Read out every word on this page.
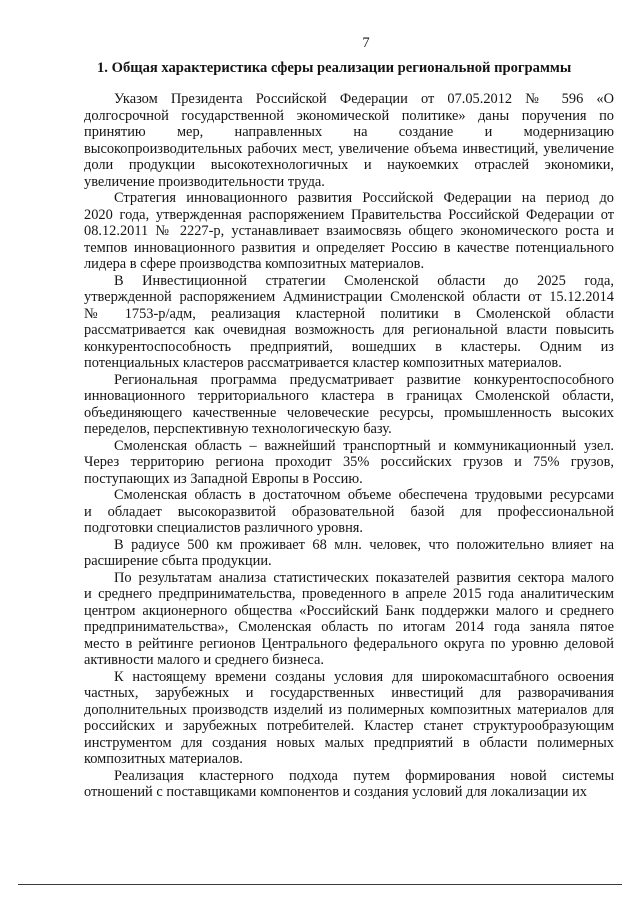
7
1. Общая характеристика сферы реализации региональной программы

Указом Президента Российской Федерации от 07.05.2012 № 596 «О
долгосрочной государственной экономической политике» даны поручения по
принятию мер, направленных на создание и модернизацию
высокопроизводительных рабочих мест, увеличение объема инвестиций, увеличение
доли продукции высокотехнологичных и наукоемких отраслей экономики,
увеличение производительности труда.

Стратегия инновационного развития Российской Федерации на период до
2020 года, утвержденная распоряжением Правительства Российской Федерации от
08.12.2011 № 2227-р, устанавливает взаимосвязь общего экономического роста и
темпов инновационного развития и определяет Россию в качестве потенциального
лидера в сфере производства композитных материалов.

В Инвестиционной стратегии Смоленской области до 2025 года,
утвержденной распоряжением Администрации Смоленской области от 15.12.2014
№ 1753-р/адм, реализация кластерной политики в Смоленской области
рассматривается как очевидная возможность для региональной власти повысить
конкурентоспособность предприятий, вошедших в кластеры. Одним из
потенциальных кластеров рассматривается кластер композитных материалов.

Региональная программа предусматривает развитие конкурентоспособного
инновационного территориального кластера в границах Смоленской области,
объединяющего качественные человеческие ресурсы, промышленность высоких
переделов, перспективную технологическую базу.

Смоленская область – важнейший транспортный и коммуникационный узел.
Через территорию региона проходит 35% российских грузов и 75% грузов,
поступающих из Западной Европы в Россию.

Смоленская область в достаточном объеме обеспечена трудовыми ресурсами
и обладает высокоразвитой образовательной базой для профессиональной
подготовки специалистов различного уровня.

В радиусе 500 км проживает 68 млн. человек, что положительно влияет на
расширение сбыта продукции.

По результатам анализа статистических показателей развития сектора малого
и среднего предпринимательства, проведенного в апреле 2015 года аналитическим
центром акционерного общества «Российский Банк поддержки малого и среднего
предпринимательства», Смоленская область по итогам 2014 года заняла пятое
место в рейтинге регионов Центрального федерального округа по уровню деловой
активности малого и среднего бизнеса.

К настоящему времени созданы условия для широкомасштабного освоения
частных, зарубежных и государственных инвестиций для разворачивания
дополнительных производств изделий из полимерных композитных материалов для
российских и зарубежных потребителей. Кластер станет структурообразующим
инструментом для создания новых малых предприятий в области полимерных
композитных материалов.

Реализация кластерного подхода путем формирования новой системы
отношений с поставщиками компонентов и создания условий для локализации их
